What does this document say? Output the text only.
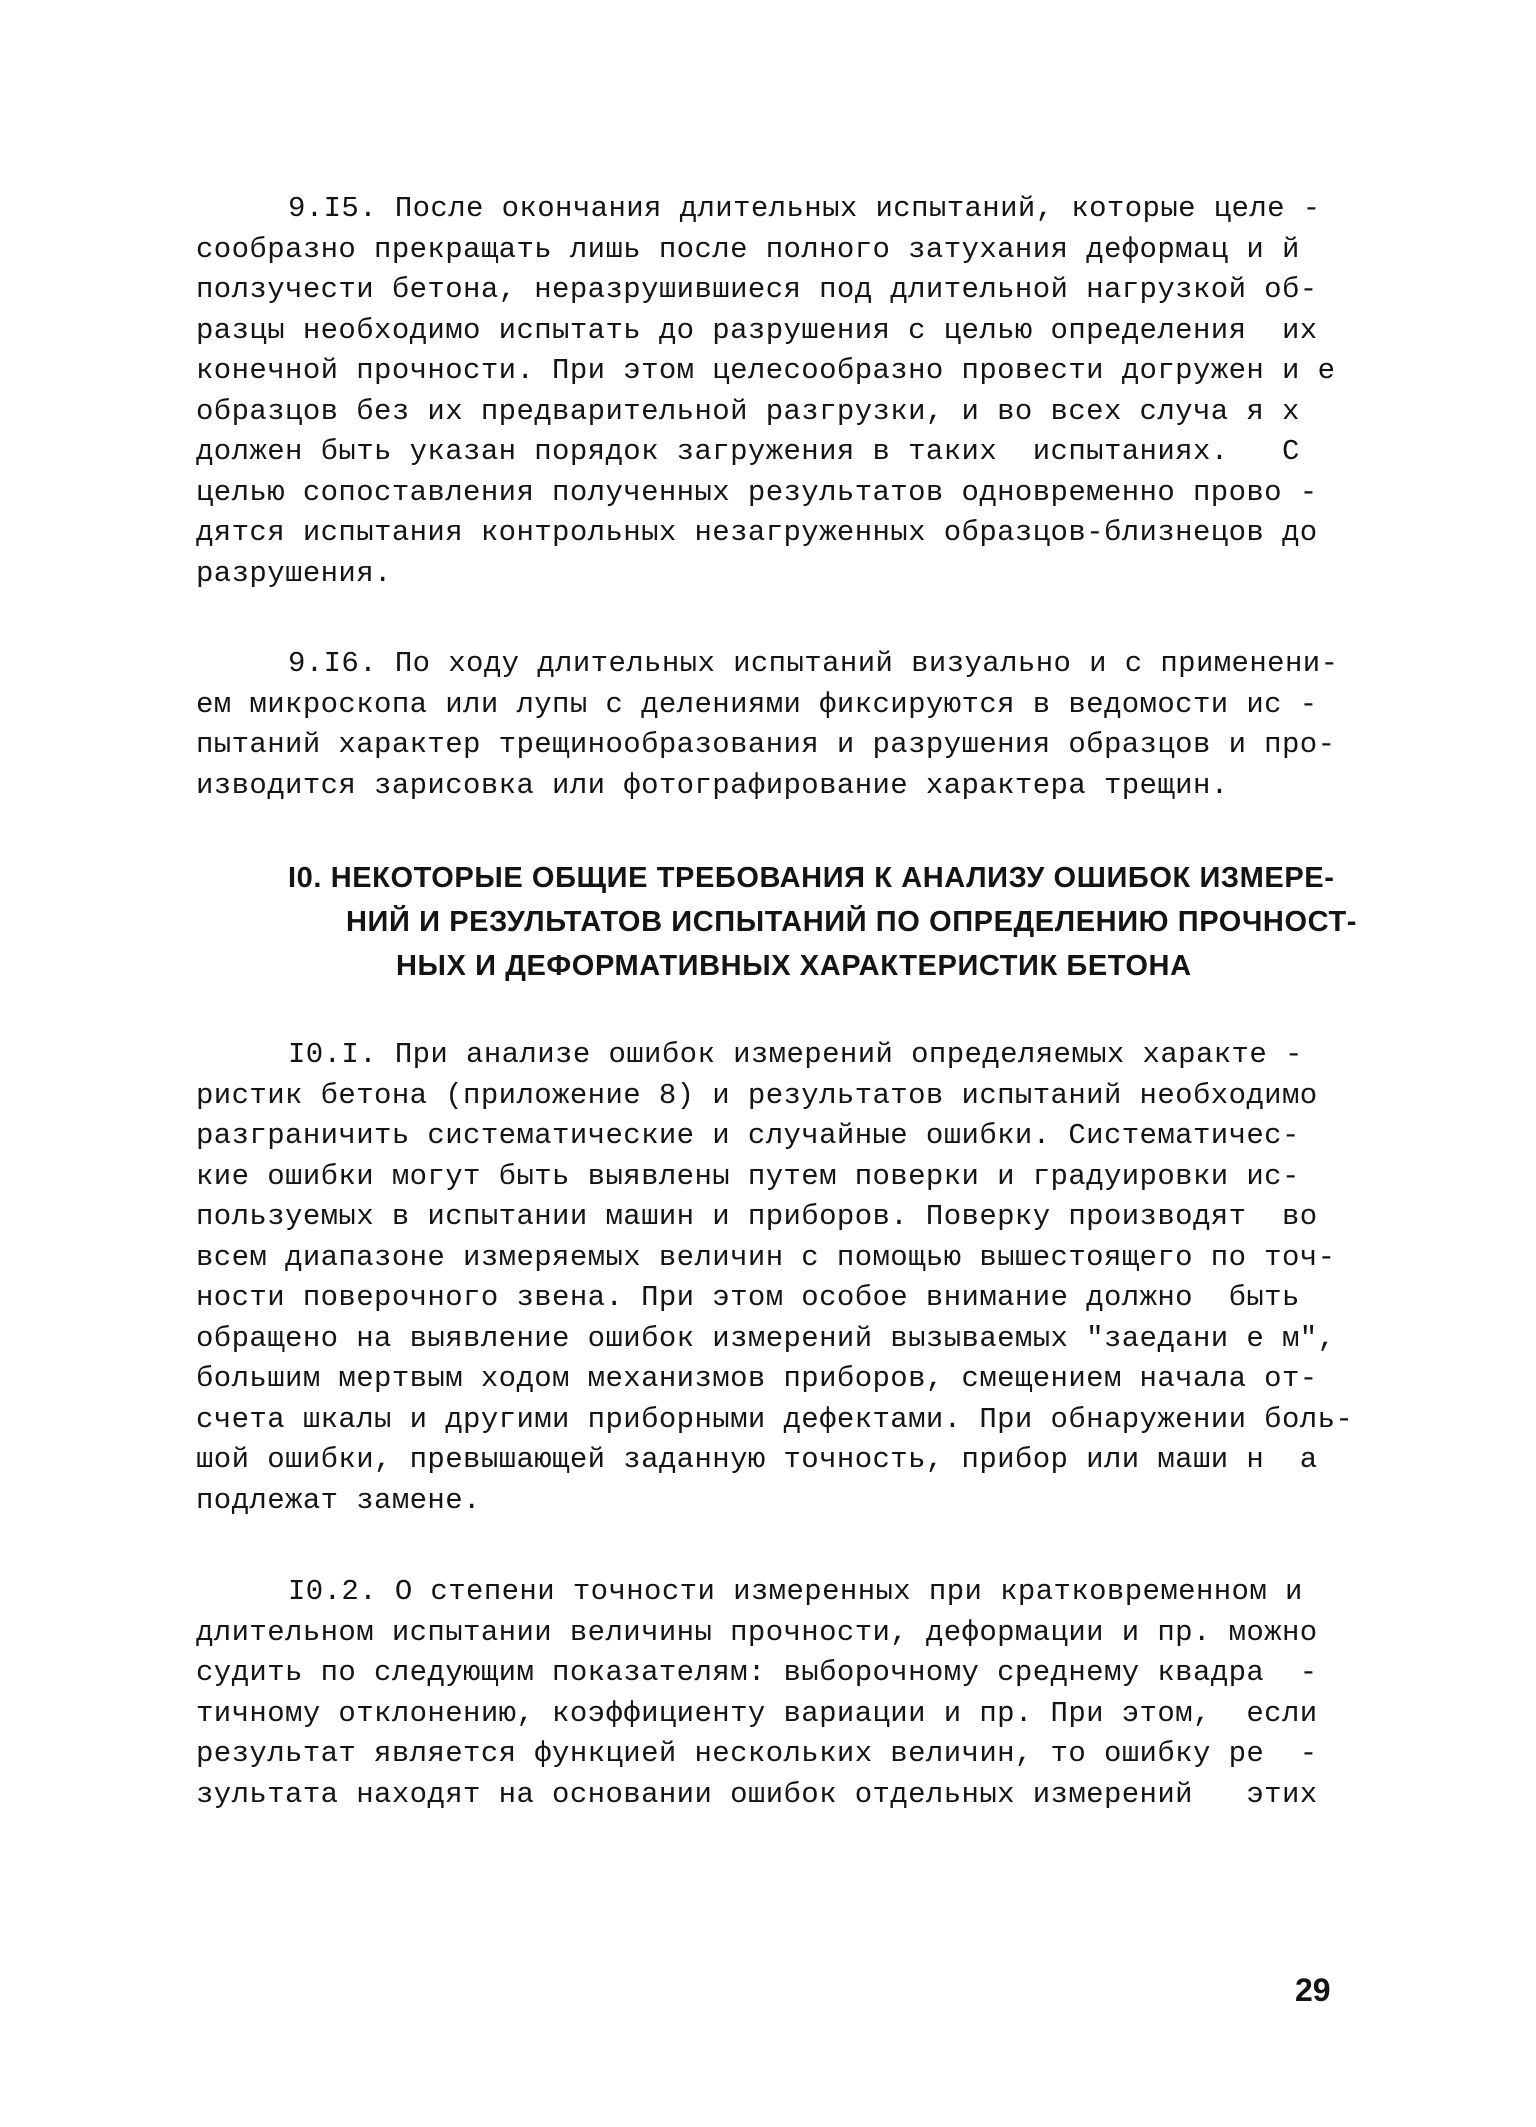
9.I5. После окончания длительных испытаний, которые целе -
сообразно прекращать лишь после полного затухания деформац и й
ползучести бетона, неразрушившиеся под длительной нагрузкой об-
разцы необходимо испытать до разрушения с целью определения  их
конечной прочности. При этом целесообразно провести догружен и е
образцов без их предварительной разгрузки, и во всех случа я х
должен быть указан порядок загружения в таких  испытаниях.   С
целью сопоставления полученных результатов одновременно прово -
дятся испытания контрольных незагруженных образцов-близнецов до
разрушения.
9.I6. По ходу длительных испытаний визуально и с применени-
ем микроскопа или лупы с делениями фиксируются в ведомости ис -
пытаний характер трещинообразования и разрушения образцов и про-
изводится зарисовка или фотографирование характера трещин.
I0. НЕКОТОРЫЕ ОБЩИЕ ТРЕБОВАНИЯ К АНАЛИЗУ ОШИБОК ИЗМЕРЕ-
НИЙ И РЕЗУЛЬТАТОВ ИСПЫТАНИЙ ПО ОПРЕДЕЛЕНИЮ ПРОЧНОСТ-
НЫХ И ДЕФОРМАТИВНЫХ ХАРАКТЕРИСТИК БЕТОНА
I0.I. При анализе ошибок измерений определяемых характе -
ристик бетона (приложение 8) и результатов испытаний необходимо
разграничить систематические и случайные ошибки. Систематичес-
кие ошибки могут быть выявлены путем поверки и градуировки ис-
пользуемых в испытании машин и приборов. Поверку производят  во
всем диапазоне измеряемых величин с помощью вышестоящего по точ-
ности поверочного звена. При этом особое внимание должно  быть
обращено на выявление ошибок измерений вызываемых "заедани е м",
большим мертвым ходом механизмов приборов, смещением начала от-
счета шкалы и другими приборными дефектами. При обнаружении боль-
шой ошибки, превышающей заданную точность, прибор или маши н  а
подлежат замене.
I0.2. О степени точности измеренных при кратковременном и
длительном испытании величины прочности, деформации и пр. можно
судить по следующим показателям: выборочному среднему квадра  -
тичному отклонению, коэффициенту вариации и пр. При этом,  если
результат является функцией нескольких величин, то ошибку ре  -
зультата находят на основании ошибок отдельных измерений   этих
29
